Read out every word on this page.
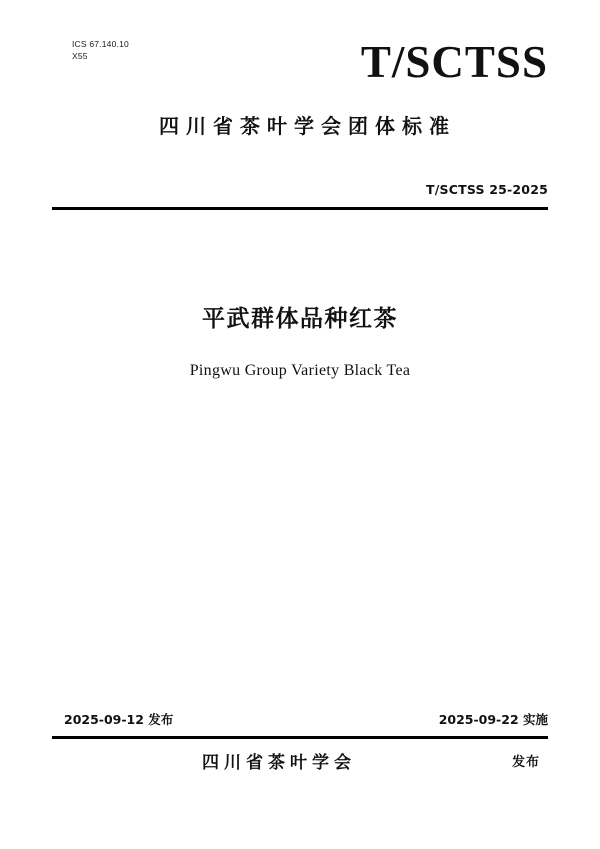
ICS 67.140.10
X55	T/SCTSS
四川省茶叶学会团体标准
T/SCTSS 25-2025
平武群体品种红茶
Pingwu Group Variety Black Tea
2025-09-12 发布	2025-09-22 实施
四川省茶叶学会	发布
